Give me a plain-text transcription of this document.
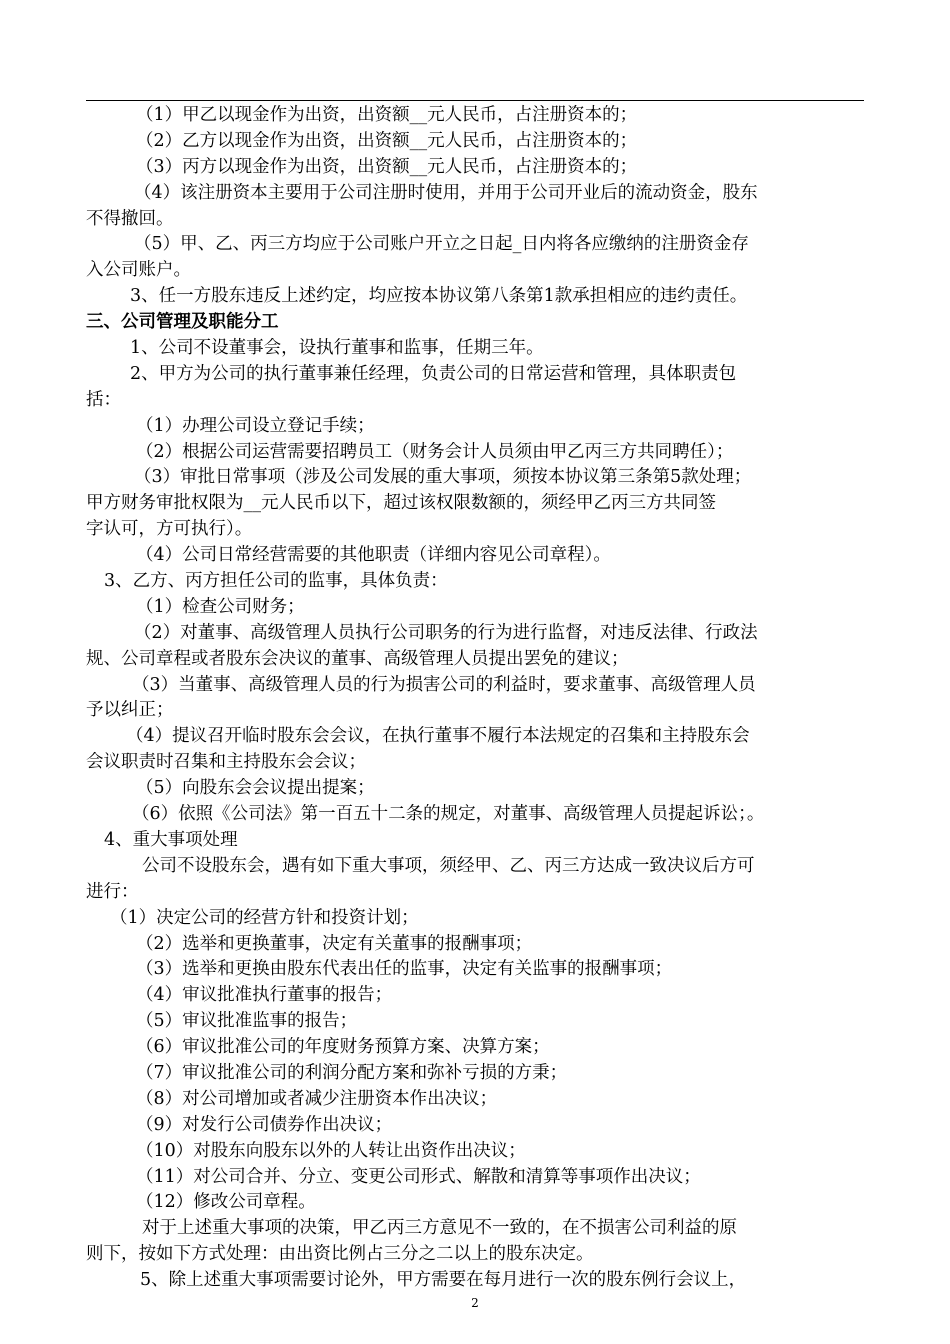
（1）甲乙以现金作为出资，出资额__元人民币，占注册资本的；
（2）乙方以现金作为出资，出资额__元人民币，占注册资本的；
（3）丙方以现金作为出资，出资额__元人民币，占注册资本的；
（4）该注册资本主要用于公司注册时使用，并用于公司开业后的流动资金，股东
不得撤回。
（5）甲、乙、丙三方均应于公司账户开立之日起_日内将各应缴纳的注册资金存
入公司账户。
3、任一方股东违反上述约定，均应按本协议第八条第1款承担相应的违约责任。
三、公司管理及职能分工
1、公司不设董事会，设执行董事和监事，任期三年。
2、甲方为公司的执行董事兼任经理，负责公司的日常运营和管理，具体职责包
括：
（1）办理公司设立登记手续；
（2）根据公司运营需要招聘员工（财务会计人员须由甲乙丙三方共同聘任）；
（3）审批日常事项（涉及公司发展的重大事项，须按本协议第三条第5款处理；
甲方财务审批权限为__元人民币以下，超过该权限数额的，须经甲乙丙三方共同签
字认可，方可执行）。
（4）公司日常经营需要的其他职责（详细内容见公司章程）。
3、乙方、丙方担任公司的监事，具体负责：
（1）检查公司财务；
（2）对董事、高级管理人员执行公司职务的行为进行监督，对违反法律、行政法
规、公司章程或者股东会决议的董事、高级管理人员提出罢免的建议；
（3）当董事、高级管理人员的行为损害公司的利益时，要求董事、高级管理人员
予以纠正；
（4）提议召开临时股东会会议，在执行董事不履行本法规定的召集和主持股东会
会议职责时召集和主持股东会会议；
（5）向股东会会议提出提案；
（6）依照《公司法》第一百五十二条的规定，对董事、高级管理人员提起诉讼；。
4、重大事项处理
公司不设股东会，遇有如下重大事项，须经甲、乙、丙三方达成一致决议后方可
进行：
（1）决定公司的经营方针和投资计划；
（2）选举和更换董事，决定有关董事的报酬事项；
（3）选举和更换由股东代表出任的监事，决定有关监事的报酬事项；
（4）审议批准执行董事的报告；
（5）审议批准监事的报告；
（6）审议批准公司的年度财务预算方案、决算方案；
（7）审议批准公司的利润分配方案和弥补亏损的方秉；
（8）对公司增加或者减少注册资本作出决议；
（9）对发行公司债券作出决议；
（10）对股东向股东以外的人转让出资作出决议；
（11）对公司合并、分立、变更公司形式、解散和清算等事项作出决议；
（12）修改公司章程。
对于上述重大事项的决策，甲乙丙三方意见不一致的，在不损害公司利益的原
则下，按如下方式处理：由出资比例占三分之二以上的股东决定。
5、除上述重大事项需要讨论外，甲方需要在每月进行一次的股东例行会议上，
2
